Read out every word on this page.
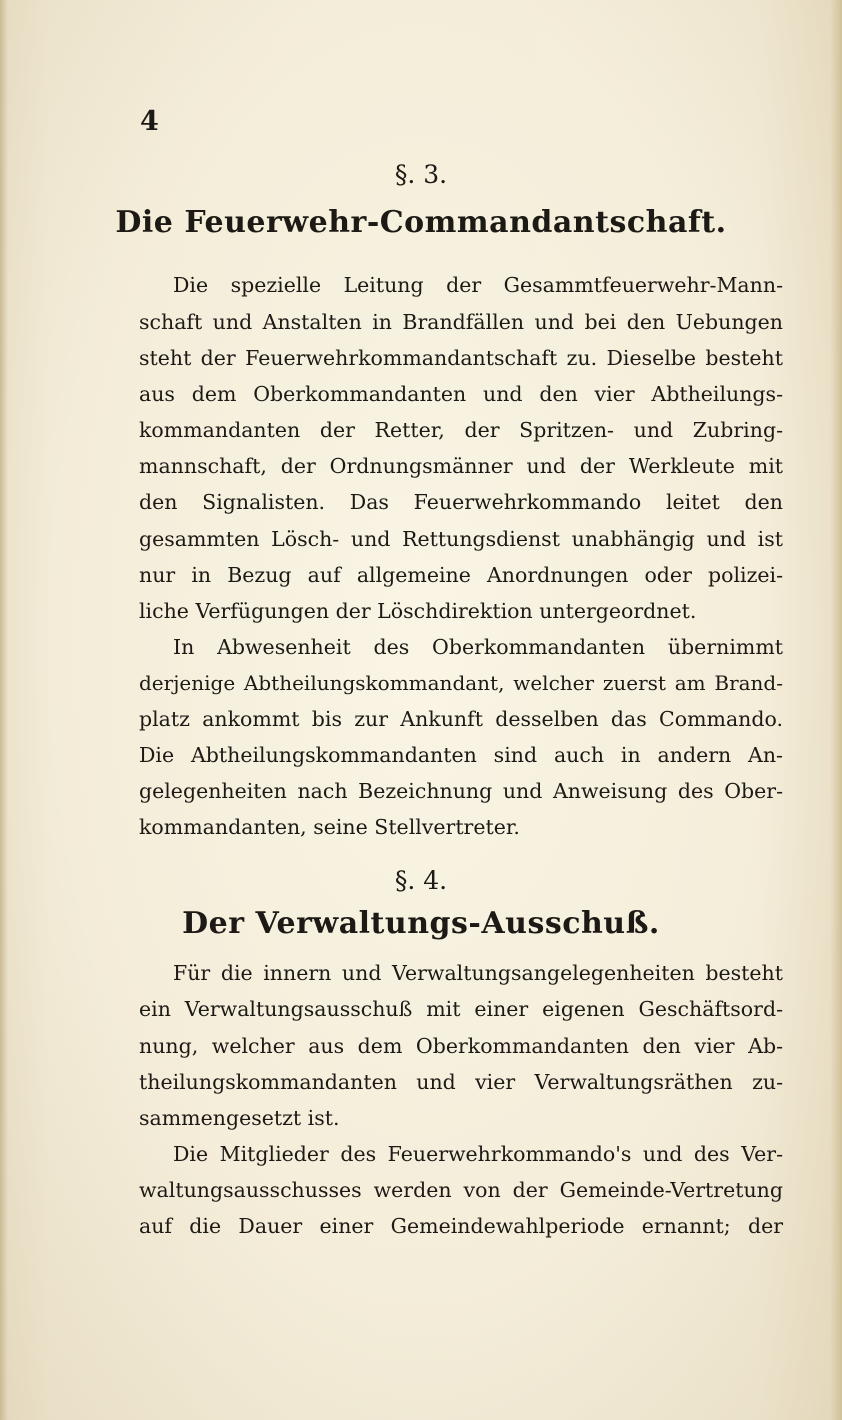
4
§. 3.
Die Feuerwehr-Commandantschaft.
Die spezielle Leitung der Gesammtfeuerwehr-Mann-
schaft und Anstalten in Brandfällen und bei den Uebungen
steht der Feuerwehrkommandantschaft zu. Dieselbe besteht
aus dem Oberkommandanten und den vier Abtheilungs-
kommandanten der Retter, der Spritzen- und Zubring-
mannschaft, der Ordnungsmänner und der Werkleute mit
den Signalisten. Das Feuerwehrkommando leitet den
gesammten Lösch- und Rettungsdienst unabhängig und ist
nur in Bezug auf allgemeine Anordnungen oder polizei-
liche Verfügungen der Löschdirektion untergeordnet.
In Abwesenheit des Oberkommandanten übernimmt
derjenige Abtheilungskommandant, welcher zuerst am Brand-
platz ankommt bis zur Ankunft desselben das Commando.
Die Abtheilungskommandanten sind auch in andern An-
gelegenheiten nach Bezeichnung und Anweisung des Ober-
kommandanten, seine Stellvertreter.
§. 4.
Der Verwaltungs-Ausschuß.
Für die innern und Verwaltungsangelegenheiten besteht
ein Verwaltungsausschuß mit einer eigenen Geschäftsord-
nung, welcher aus dem Oberkommandanten den vier Ab-
theilungskommandanten und vier Verwaltungsräthen zu-
sammengesetzt ist.
Die Mitglieder des Feuerwehrkommando's und des Ver-
waltungsausschusses werden von der Gemeinde-Vertretung
auf die Dauer einer Gemeindewahlperiode ernannt; der
